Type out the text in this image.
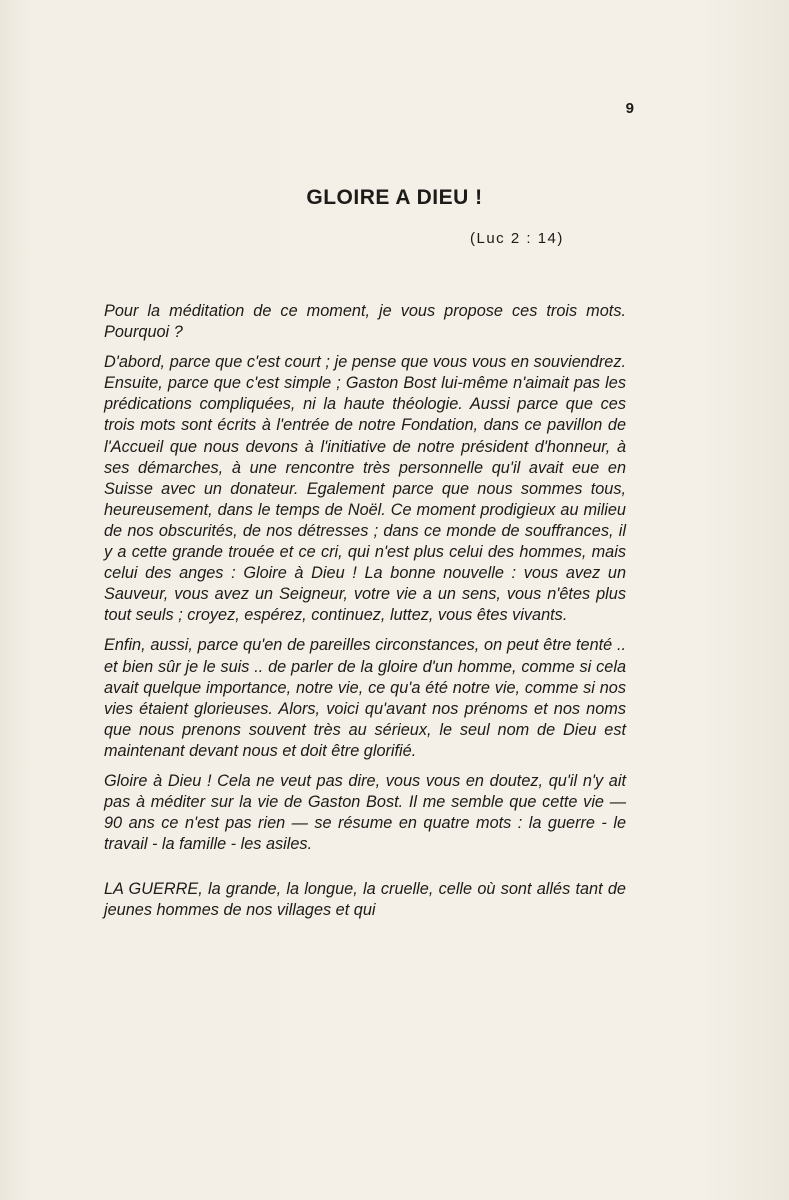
9
GLOIRE A DIEU !
(Luc 2 : 14)

Pour la méditation de ce moment, je vous propose ces trois mots. Pourquoi ?

D'abord, parce que c'est court ; je pense que vous vous en souviendrez. Ensuite, parce que c'est simple ; Gaston Bost lui-même n'aimait pas les prédications compliquées, ni la haute théologie. Aussi parce que ces trois mots sont écrits à l'entrée de notre Fondation, dans ce pavillon de l'Accueil que nous devons à l'initiative de notre président d'honneur, à ses démarches, à une rencontre très personnelle qu'il avait eue en Suisse avec un donateur. Egalement parce que nous sommes tous, heureusement, dans le temps de Noël. Ce moment prodigieux au milieu de nos obscurités, de nos détresses ; dans ce monde de souffrances, il y a cette grande trouée et ce cri, qui n'est plus celui des hommes, mais celui des anges : Gloire à Dieu ! La bonne nouvelle : vous avez un Sauveur, vous avez un Seigneur, votre vie a un sens, vous n'êtes plus tout seuls ; croyez, espérez, continuez, luttez, vous êtes vivants.

Enfin, aussi, parce qu'en de pareilles circonstances, on peut être tenté .. et bien sûr je le suis .. de parler de la gloire d'un homme, comme si cela avait quelque importance, notre vie, ce qu'a été notre vie, comme si nos vies étaient glorieuses. Alors, voici qu'avant nos prénoms et nos noms que nous prenons souvent très au sérieux, le seul nom de Dieu est maintenant devant nous et doit être glorifié.

Gloire à Dieu ! Cela ne veut pas dire, vous vous en doutez, qu'il n'y ait pas à méditer sur la vie de Gaston Bost. Il me semble que cette vie — 90 ans ce n'est pas rien — se résume en quatre mots : la guerre - le travail - la famille - les asiles.

LA GUERRE, la grande, la longue, la cruelle, celle où sont allés tant de jeunes hommes de nos villages et qui
